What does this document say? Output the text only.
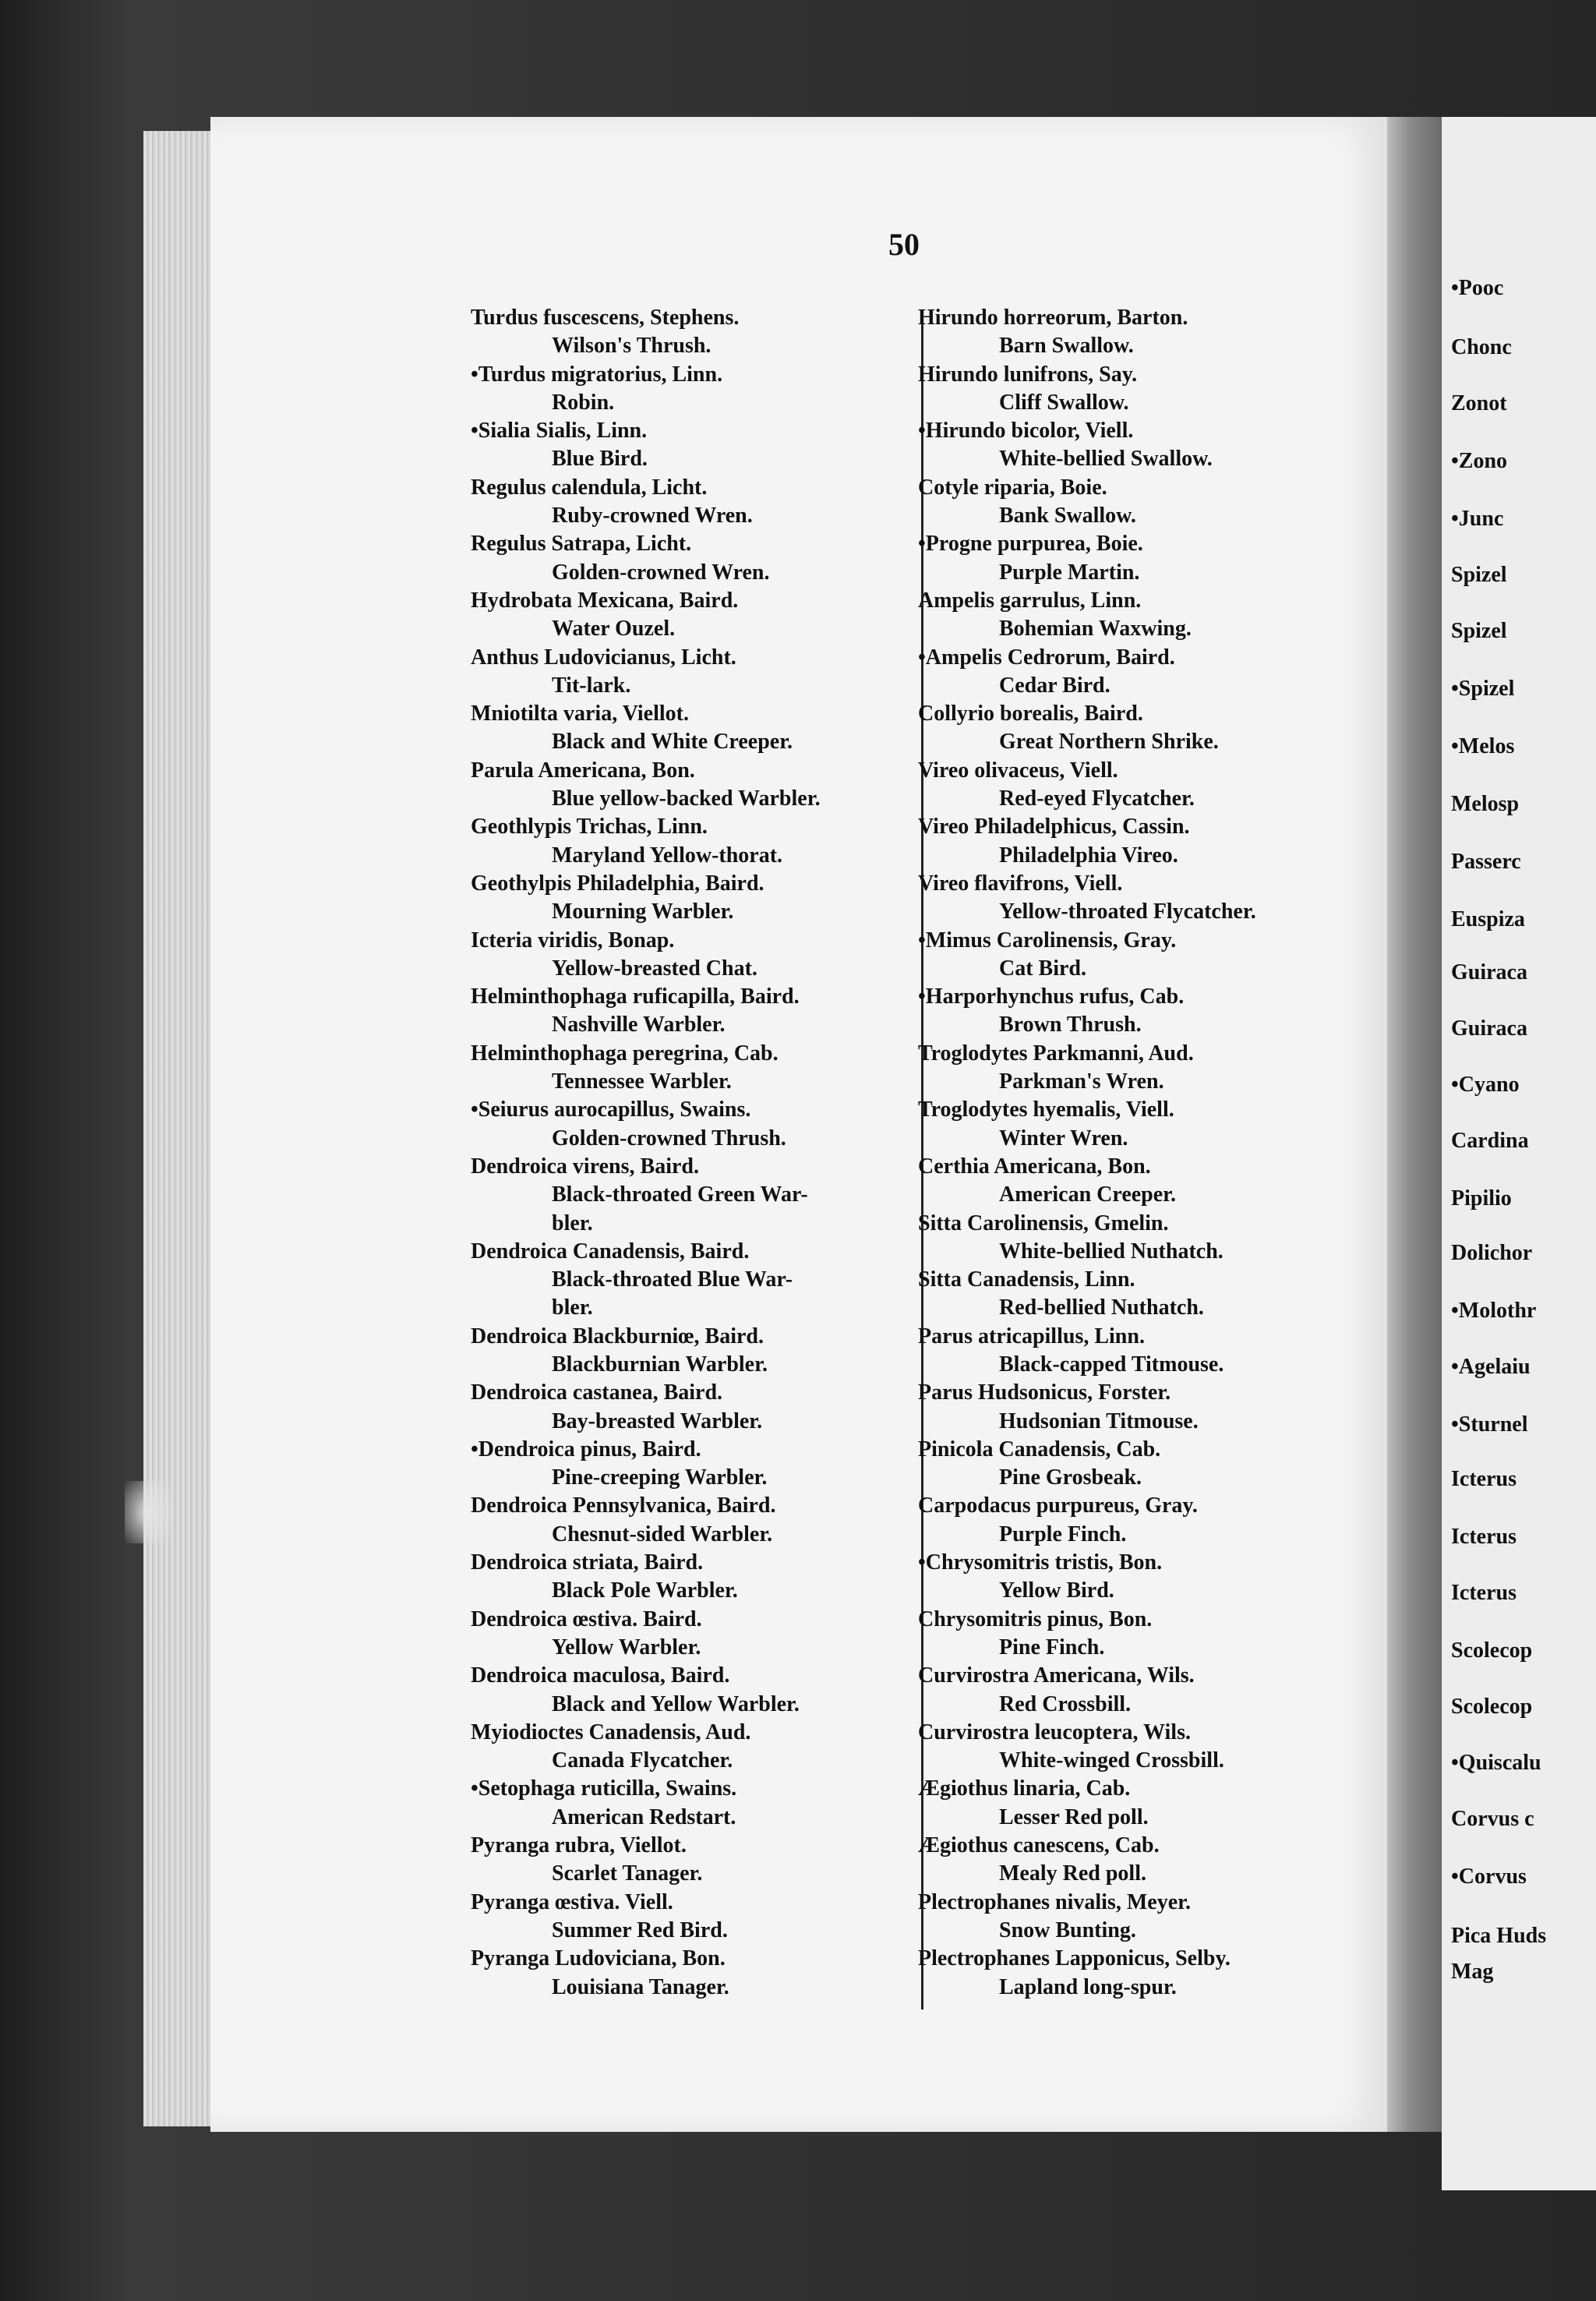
•Pooc
Chonc
Zonot
•Zono
•Junc
Spizel
Spizel
•Spizel
•Melos
Melosp
Passerc
Euspiza
Guiraca
Guiraca
•Cyano
Cardina
Pipilio
Dolichor
•Molothr
•Agelaiu
•Sturnel
Icterus
Icterus
Icterus
Scolecop
Scolecop
•Quiscalu
Corvus c
•Corvus
Pica Huds
Mag
50
Turdus fuscescens, Stephens.
Wilson's Thrush.
•Turdus migratorius, Linn.
Robin.
•Sialia Sialis, Linn.
Blue Bird.
Regulus calendula, Licht.
Ruby-crowned Wren.
Regulus Satrapa, Licht.
Golden-crowned Wren.
Hydrobata Mexicana, Baird.
Water Ouzel.
Anthus Ludovicianus, Licht.
Tit-lark.
Mniotilta varia, Viellot.
Black and White Creeper.
Parula Americana, Bon.
Blue yellow-backed Warbler.
Geothlypis Trichas, Linn.
Maryland Yellow-thorat.
Geothylpis Philadelphia, Baird.
Mourning Warbler.
Icteria viridis, Bonap.
Yellow-breasted Chat.
Helminthophaga ruficapilla, Baird.
Nashville Warbler.
Helminthophaga peregrina, Cab.
Tennessee Warbler.
•Seiurus aurocapillus, Swains.
Golden-crowned Thrush.
Dendroica virens, Baird.
Black-throated Green War-
bler.
Dendroica Canadensis, Baird.
Black-throated Blue War-
bler.
Dendroica Blackburniœ, Baird.
Blackburnian Warbler.
Dendroica castanea, Baird.
Bay-breasted Warbler.
•Dendroica pinus, Baird.
Pine-creeping Warbler.
Dendroica Pennsylvanica, Baird.
Chesnut-sided Warbler.
Dendroica striata, Baird.
Black Pole Warbler.
Dendroica œstiva. Baird.
Yellow Warbler.
Dendroica maculosa, Baird.
Black and Yellow Warbler.
Myiodioctes Canadensis, Aud.
Canada Flycatcher.
•Setophaga ruticilla, Swains.
American Redstart.
Pyranga rubra, Viellot.
Scarlet Tanager.
Pyranga œstiva. Viell.
Summer Red Bird.
Pyranga Ludoviciana, Bon.
Louisiana Tanager.
Hirundo horreorum, Barton.
Barn Swallow.
Hirundo lunifrons, Say.
Cliff Swallow.
•Hirundo bicolor, Viell.
White-bellied Swallow.
Cotyle riparia, Boie.
Bank Swallow.
•Progne purpurea, Boie.
Purple Martin.
Ampelis garrulus, Linn.
Bohemian Waxwing.
•Ampelis Cedrorum, Baird.
Cedar Bird.
Collyrio borealis, Baird.
Great Northern Shrike.
Vireo olivaceus, Viell.
Red-eyed Flycatcher.
Vireo Philadelphicus, Cassin.
Philadelphia Vireo.
Vireo flavifrons, Viell.
Yellow-throated Flycatcher.
•Mimus Carolinensis, Gray.
Cat Bird.
•Harporhynchus rufus, Cab.
Brown Thrush.
Troglodytes Parkmanni, Aud.
Parkman's Wren.
Troglodytes hyemalis, Viell.
Winter Wren.
Certhia Americana, Bon.
American Creeper.
Sitta Carolinensis, Gmelin.
White-bellied Nuthatch.
Sitta Canadensis, Linn.
Red-bellied Nuthatch.
Parus atricapillus, Linn.
Black-capped Titmouse.
Parus Hudsonicus, Forster.
Hudsonian Titmouse.
Pinicola Canadensis, Cab.
Pine Grosbeak.
Carpodacus purpureus, Gray.
Purple Finch.
•Chrysomitris tristis, Bon.
Yellow Bird.
Chrysomitris pinus, Bon.
Pine Finch.
Curvirostra Americana, Wils.
Red Crossbill.
Curvirostra leucoptera, Wils.
White-winged Crossbill.
Ægiothus linaria, Cab.
Lesser Red poll.
Ægiothus canescens, Cab.
Mealy Red poll.
Plectrophanes nivalis, Meyer.
Snow Bunting.
Plectrophanes Lapponicus, Selby.
Lapland long-spur.
